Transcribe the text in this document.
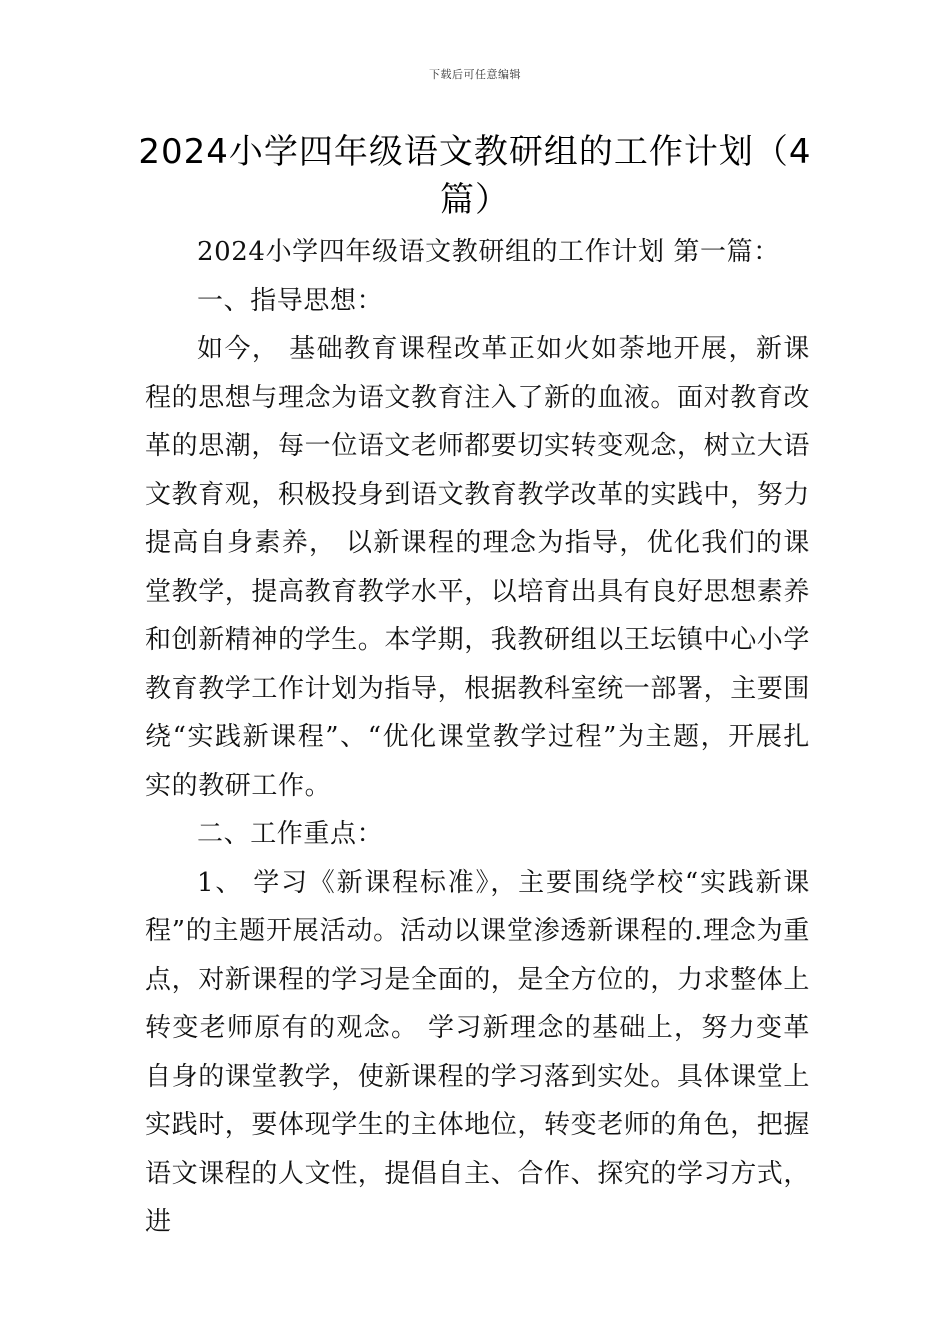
下载后可任意编辑
2024小学四年级语文教研组的工作计划（4篇）

2024小学四年级语文教研组的工作计划 第一篇：

一、指导思想：

如今， 基础教育课程改革正如火如荼地开展，新课程的思想与理念为语文教育注入了新的血液。面对教育改革的思潮，每一位语文老师都要切实转变观念，树立大语文教育观，积极投身到语文教育教学改革的实践中，努力提高自身素养， 以新课程的理念为指导，优化我们的课堂教学，提高教育教学水平，以培育出具有良好思想素养和创新精神的学生。本学期，我教研组以王坛镇中心小学教育教学工作计划为指导，根据教科室统一部署，主要围绕“实践新课程”、“优化课堂教学过程”为主题，开展扎实的教研工作。

二、工作重点：

1、 学习《新课程标准》，主要围绕学校“实践新课程”的主题开展活动。活动以课堂渗透新课程的.理念为重点，对新课程的学习是全面的，是全方位的，力求整体上转变老师原有的观念。 学习新理念的基础上，努力变革自身的课堂教学，使新课程的学习落到实处。具体课堂上实践时，要体现学生的主体地位，转变老师的角色，把握语文课程的人文性，提倡自主、合作、探究的学习方式，进
